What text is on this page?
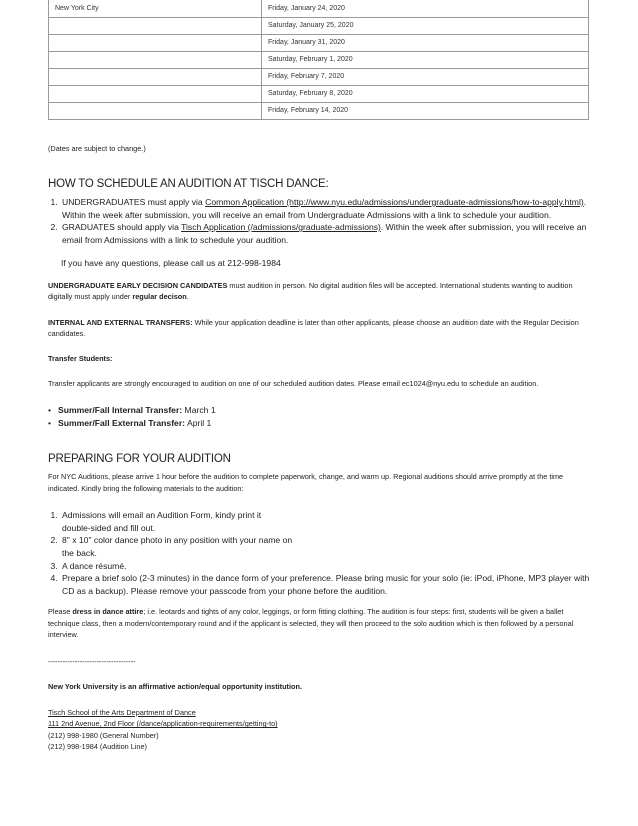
New York City	Friday, January 24, 2020
	Saturday, January 25, 2020
	Friday, January 31, 2020
	Saturday, February 1, 2020
	Friday, February 7, 2020
	Saturday, February 8, 2020
	Friday, February 14, 2020

(Dates are subject to change.)

HOW TO SCHEDULE AN AUDITION AT TISCH DANCE:
1. UNDERGRADUATES must apply via Common Application (http://www.nyu.edu/admissions/undergraduate-admissions/how-to-apply.html). Within the week after submission, you will receive an email from Undergraduate Admissions with a link to schedule your audition.
2. GRADUATES should apply via Tisch Application (/admissions/graduate-admissions). Within the week after submission, you will receive an email from Admissions with a link to schedule your audition.

If you have any questions, please call us at 212-998-1984

UNDERGRADUATE EARLY DECISION CANDIDATES must audition in person. No digital audition files will be accepted. International students wanting to audition digitally must apply under regular decison.

INTERNAL AND EXTERNAL TRANSFERS: While your application deadline is later than other applicants, please choose an audition date with the Regular Decision candidates.

Transfer Students:

Transfer applicants are strongly encouraged to audition on one of our scheduled audition dates. Please email ec1024@nyu.edu to schedule an audition.

• Summer/Fall Internal Transfer: March 1
• Summer/Fall External Transfer: April 1
PREPARING FOR YOUR AUDITION

For NYC Auditions, please arrive 1 hour before the audition to complete paperwork, change, and warm up. Regional auditions should arrive promptly at the time indicated. Kindly bring the following materials to the audition:

1. Admissions will email an Audition Form, kindy print it double-sided and fill out.
2. 8" x 10" color dance photo in any position with your name on the back.
3. A dance résumé.
4. Prepare a brief solo (2-3 minutes) in the dance form of your preference. Please bring music for your solo (ie: iPod, iPhone, MP3 player with CD as a backup). Please remove your passcode from your phone before the audition.

Please dress in dance attire; i.e. leotards and tights of any color, leggings, or form fitting clothing. The audition is four steps: first, students will be given a ballet technique class, then a modern/contemporary round and if the applicant is selected, they will then proceed to the solo audition which is then followed by a personal interview.

------------------------------------

New York University is an affirmative action/equal opportunity institution.

Tisch School of the Arts Department of Dance

111 2nd Avenue, 2nd Floor (/dance/application-requirements/getting-to)

(212) 998-1980 (General Number)

(212) 998-1984 (Audition Line)
